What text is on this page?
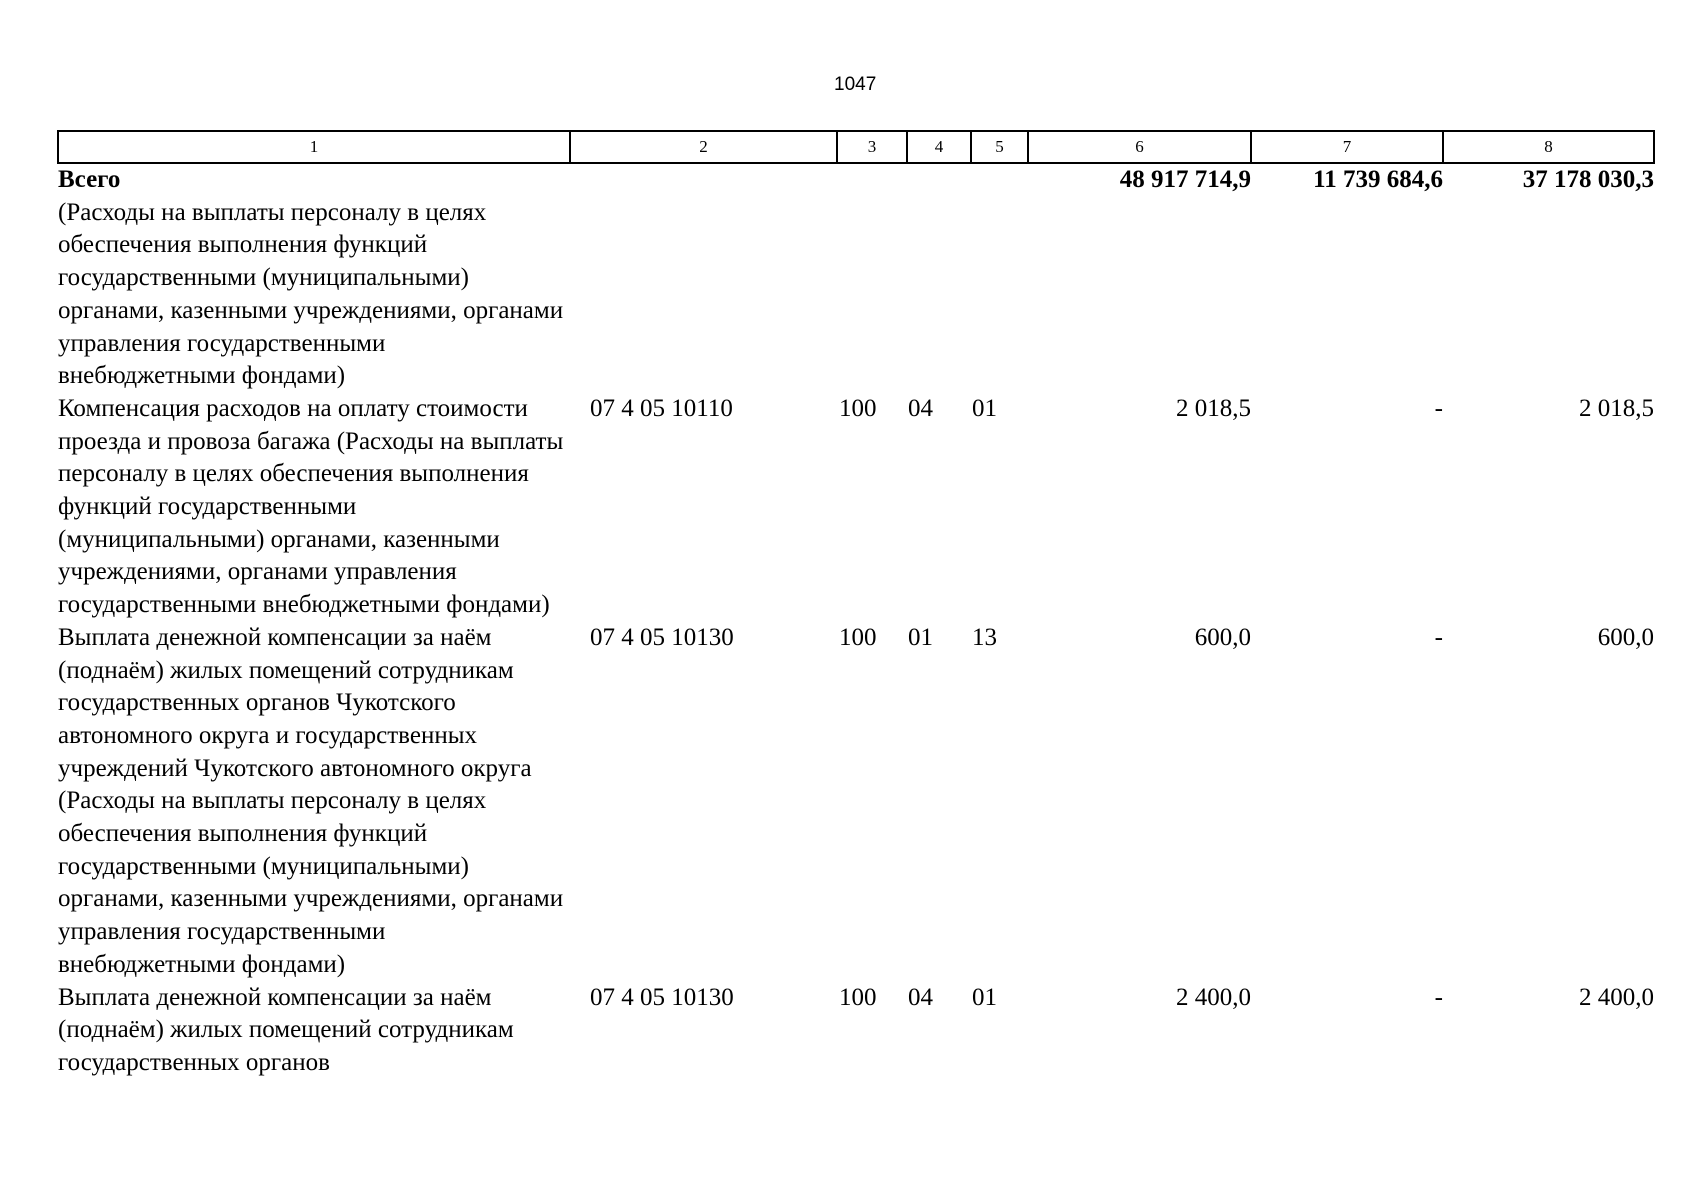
1047
1	2	3	4	5	6	7	8
Всего					48 917 714,9	11 739 684,6	37 178 030,3
(Расходы на выплаты персоналу в целях обеспечения выполнения функций государственными (муниципальными) органами, казенными учреждениями, органами управления государственными внебюджетными фондами)							
Компенсация расходов на оплату стоимости проезда и провоза багажа (Расходы на выплаты персоналу в целях обеспечения выполнения функций государственными (муниципальными) органами, казенными учреждениями, органами управления государственными внебюджетными фондами)	07 4 05 10110	100	04	01	2 018,5	-	2 018,5
Выплата денежной компенсации за наём (поднаём) жилых помещений сотрудникам государственных органов Чукотского автономного округа и государственных учреждений Чукотского автономного округа (Расходы на выплаты персоналу в целях обеспечения выполнения функций государственными (муниципальными) органами, казенными учреждениями, органами управления государственными внебюджетными фондами)	07 4 05 10130	100	01	13	600,0	-	600,0
Выплата денежной компенсации за наём (поднаём) жилых помещений сотрудникам государственных органов	07 4 05 10130	100	04	01	2 400,0	-	2 400,0
